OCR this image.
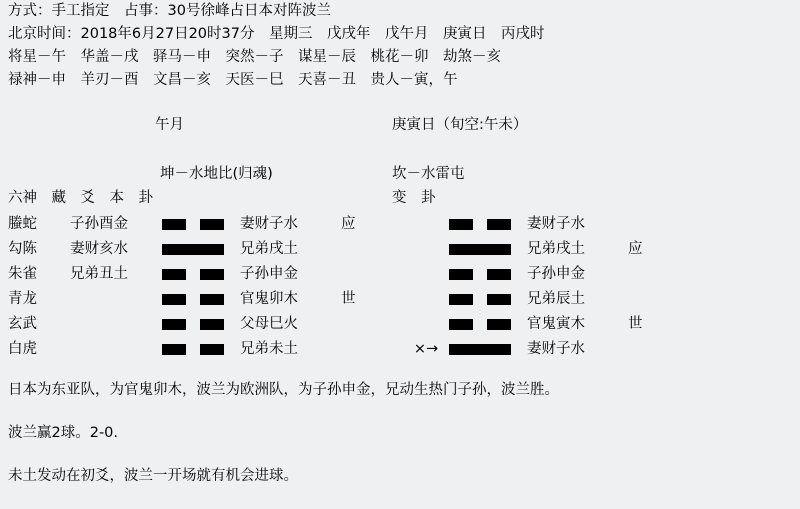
方式：手工指定　占事：30号徐峰占日本对阵波兰
北京时间：2018年6月27日20时37分　星期三　戊戌年　戊午月　庚寅日　丙戌时
将星－午　华盖－戌　驿马－申　突然－子　谋星－辰　桃花－卯　劫煞－亥
禄神－申　羊刃－酉　文昌－亥　天医－巳　天喜－丑　贵人－寅，午
午月	庚寅日（旬空:午未）
坤－水地比(归魂)	坎－水雷屯
六神　藏　爻　本　卦	变　卦
螣蛇	子孙酉金		妻财子水	应			妻财子水	
勾陈	妻财亥水		兄弟戌土				兄弟戌土	应
朱雀	兄弟丑土		子孙申金				子孙申金	
青龙			官鬼卯木	世			兄弟辰土	
玄武			父母巳火				官鬼寅木	世
白虎			兄弟未土		×→		妻财子水	
日本为东亚队，为官鬼卯木，波兰为欧洲队，为子孙申金，兄动生热门子孙，波兰胜。
波兰赢2球。2-0.
未土发动在初爻，波兰一开场就有机会进球。
